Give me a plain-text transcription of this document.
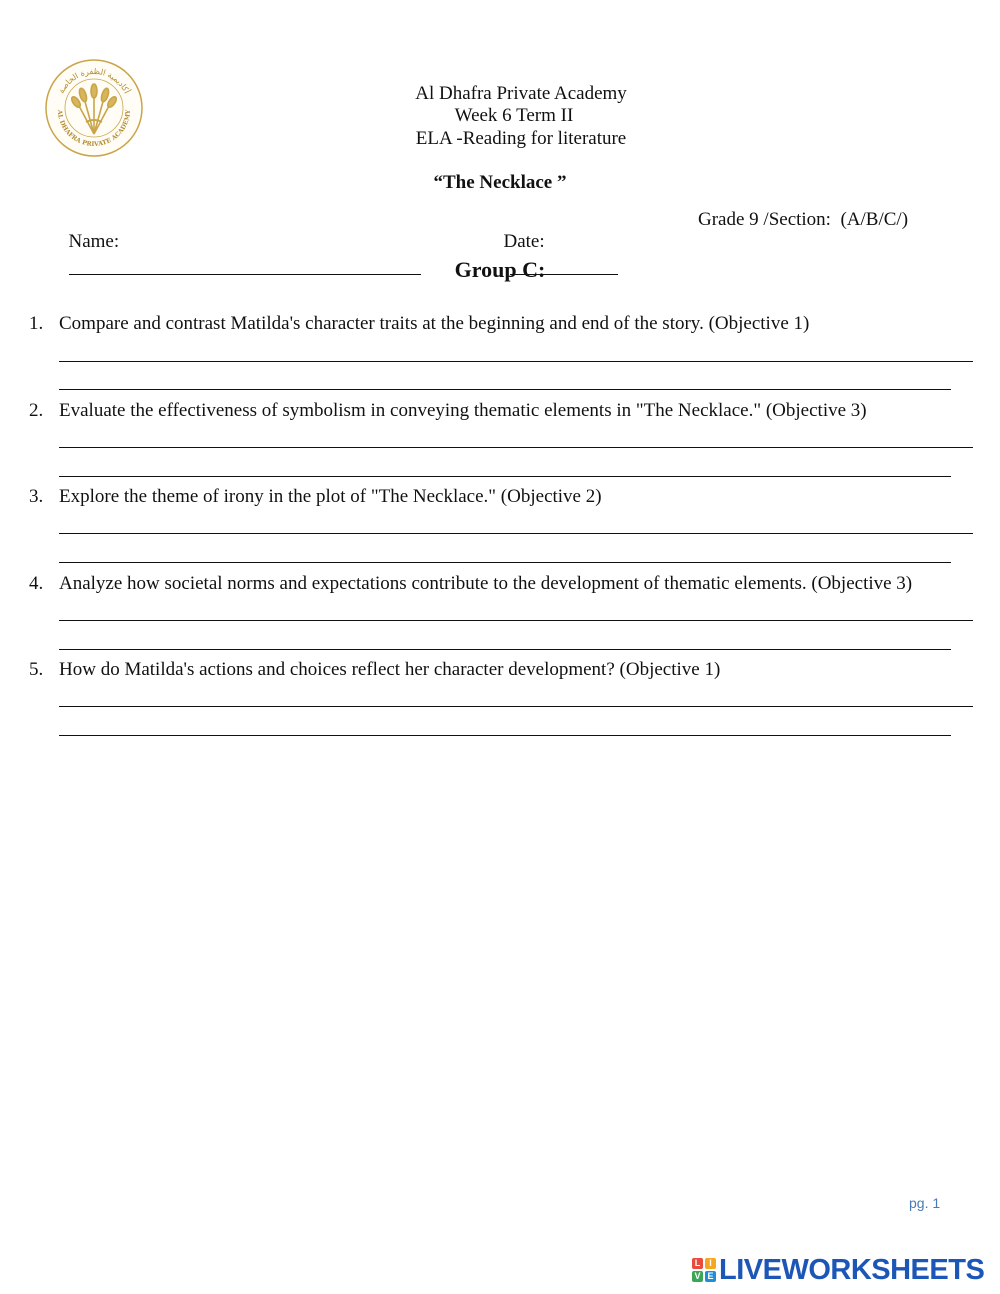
أكاديمية الظفرة الخاصة
AL DHAFRA PRIVATE ACADEMY
Al Dhafra Private Academy
Week 6 Term II
ELA -Reading for literature
“The Necklace ”

Name:
	Date:

Grade 9 /Section:  (A/B/C/)
Group C:
1. Compare and contrast Matilda's character traits at the beginning and end of the story. (Objective 1)
2. Evaluate the effectiveness of symbolism in conveying thematic elements in "The Necklace." (Objective 3)
3. Explore the theme of irony in the plot of "The Necklace." (Objective 2)
4. Analyze how societal norms and expectations contribute to the development of thematic elements. (Objective 3)
5. How do Matilda's actions and choices reflect her character development? (Objective 1)
pg. 1
L I
V E LIVEWORKSHEETS
